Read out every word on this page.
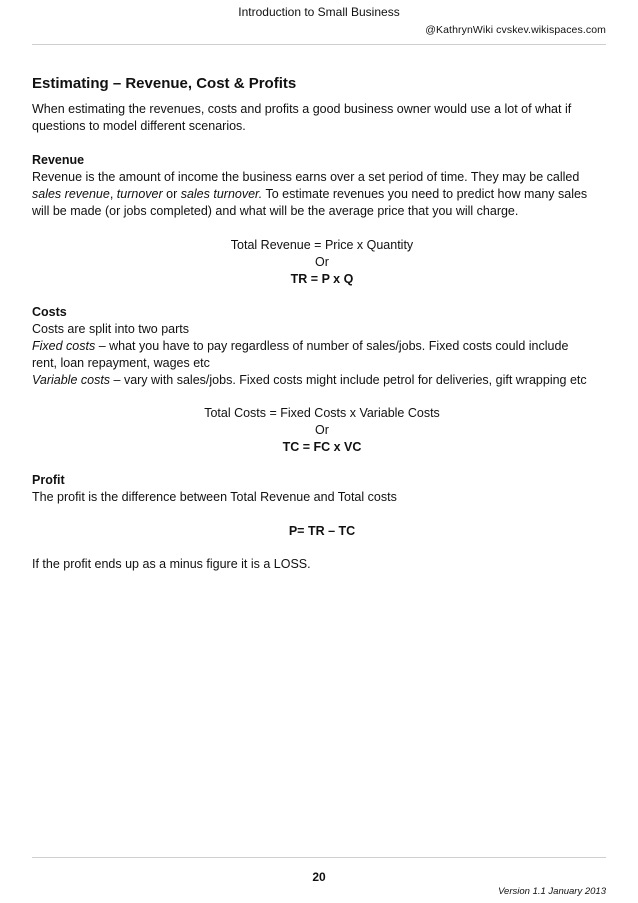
Introduction to Small Business
@KathrynWiki cvskev.wikispaces.com
Estimating – Revenue, Cost & Profits

When estimating the revenues, costs and profits a good business owner would use a lot of what if

questions to model different scenarios.

Revenue

Revenue is the amount of income the business earns over a set period of time. They may be called

sales revenue, turnover or sales turnover. To estimate revenues you need to predict how many sales

will be made (or jobs completed) and what will be the average price that you will charge.

Total Revenue = Price x Quantity

Or

TR = P x Q

Costs

Costs are split into two parts

Fixed costs – what you have to pay regardless of number of sales/jobs. Fixed costs could include

rent, loan repayment, wages etc

Variable costs – vary with sales/jobs. Fixed costs might include petrol for deliveries, gift wrapping etc

Total Costs = Fixed Costs x Variable Costs

Or

TC = FC x VC

Profit

The profit is the difference between Total Revenue and Total costs

P= TR – TC

If the profit ends up as a minus figure it is a LOSS.

20
Version 1.1 January 2013
